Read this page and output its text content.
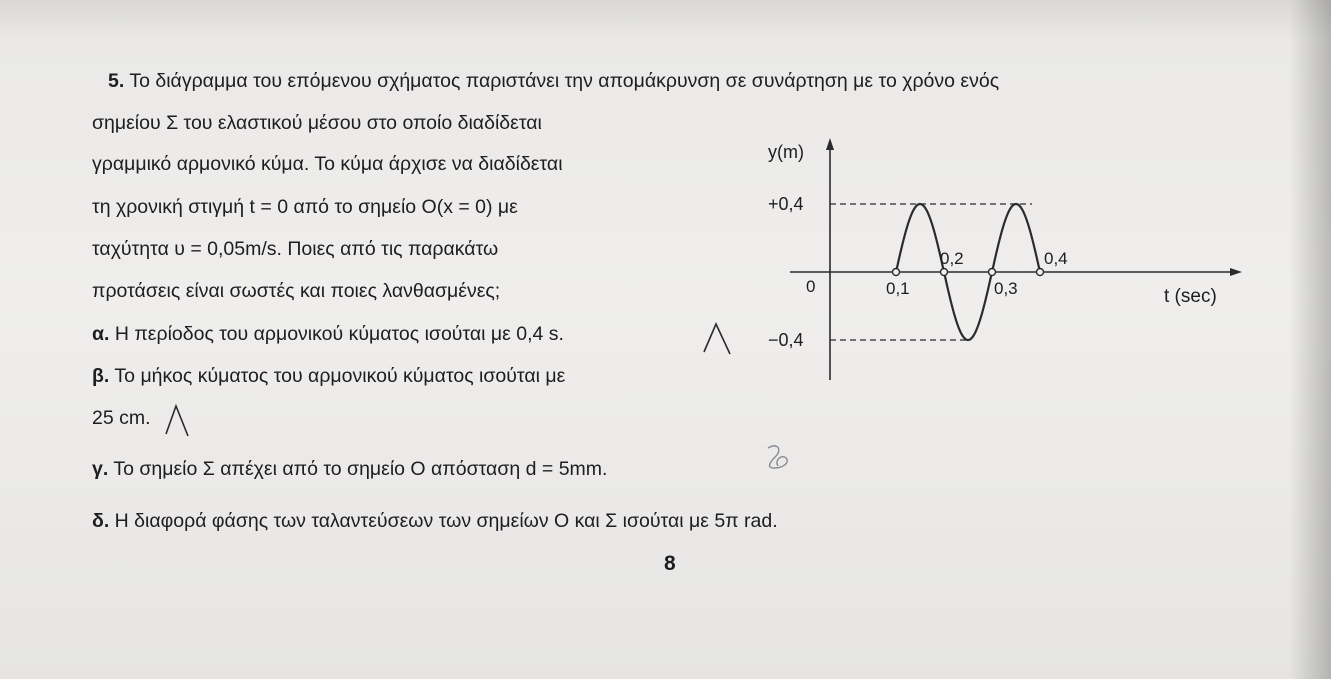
5. Το διάγραμμα του επόμενου σχήματος παριστάνει την απομάκρυνση σε συνάρτηση με το χρόνο ενός
σημείου Σ του ελαστικού μέσου στο οποίο διαδίδεται
γραμμικό αρμονικό κύμα. Το κύμα άρχισε να διαδίδεται
τη χρονική στιγμή t = 0 από το σημείο O(x = 0) με
ταχύτητα υ = 0,05m/s. Ποιες από τις παρακάτω
προτάσεις είναι σωστές και ποιες λανθασμένες;
α. Η περίοδος του αρμονικού κύματος ισούται με 0,4 s.
β. Το μήκος κύματος του αρμονικού κύματος ισούται με
25 cm.
γ. Το σημείο Σ απέχει από το σημείο Ο απόσταση d = 5mm.
δ. Η διαφορά φάσης των ταλαντεύσεων των σημείων Ο και Σ ισούται με 5π rad.
y(m)
+0,4
0
−0,4
0,1
0,2
0,3
0,4
t (sec)
8
